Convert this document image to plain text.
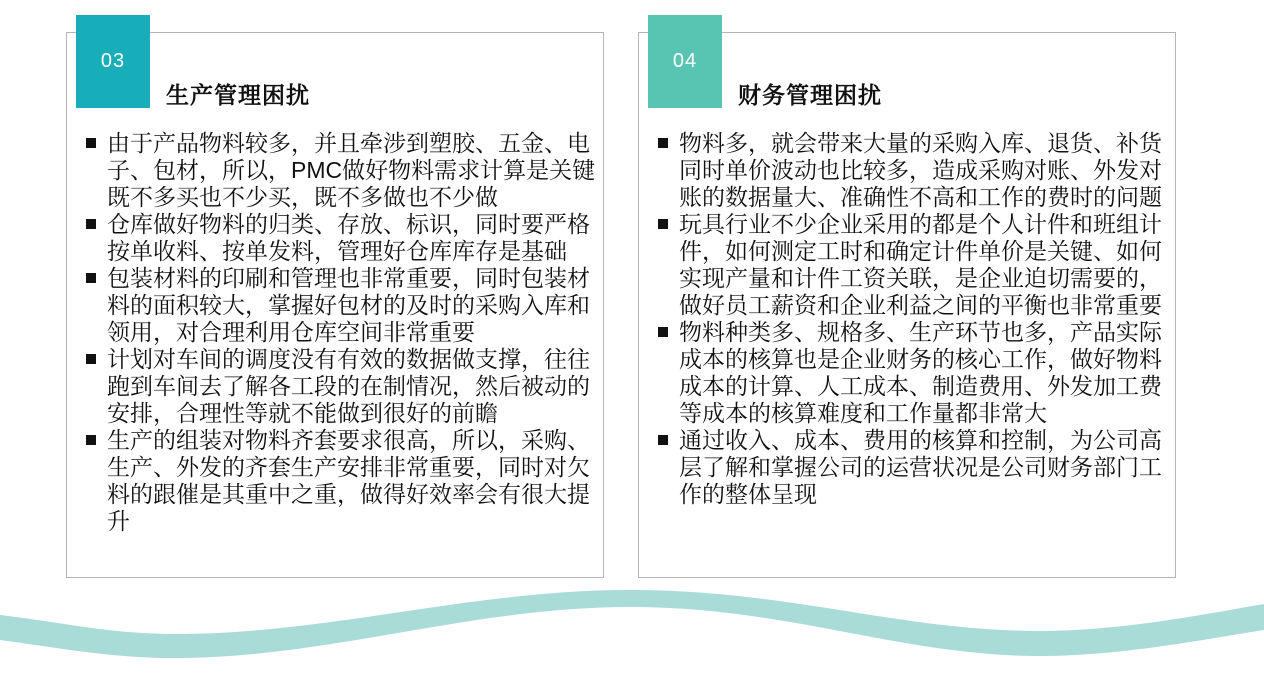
03
生产管理困扰
由于产品物料较多，并且牵涉到塑胶、五金、电子、包材，所以，PMC做好物料需求计算是关键既不多买也不少买，既不多做也不少做
仓库做好物料的归类、存放、标识，同时要严格按单收料、按单发料，管理好仓库库存是基础
包装材料的印刷和管理也非常重要，同时包装材料的面积较大，掌握好包材的及时的采购入库和领用，对合理利用仓库空间非常重要
计划对车间的调度没有有效的数据做支撑，往往跑到车间去了解各工段的在制情况，然后被动的安排，合理性等就不能做到很好的前瞻
生产的组装对物料齐套要求很高，所以，采购、生产、外发的齐套生产安排非常重要，同时对欠料的跟催是其重中之重，做得好效率会有很大提升
04
财务管理困扰
物料多，就会带来大量的采购入库、退货、补货同时单价波动也比较多，造成采购对账、外发对账的数据量大、准确性不高和工作的费时的问题
玩具行业不少企业采用的都是个人计件和班组计件，如何测定工时和确定计件单价是关键、如何实现产量和计件工资关联，是企业迫切需要的，做好员工薪资和企业利益之间的平衡也非常重要
物料种类多、规格多、生产环节也多，产品实际成本的核算也是企业财务的核心工作，做好物料成本的计算、人工成本、制造费用、外发加工费等成本的核算难度和工作量都非常大
通过收入、成本、费用的核算和控制，为公司高层了解和掌握公司的运营状况是公司财务部门工作的整体呈现
